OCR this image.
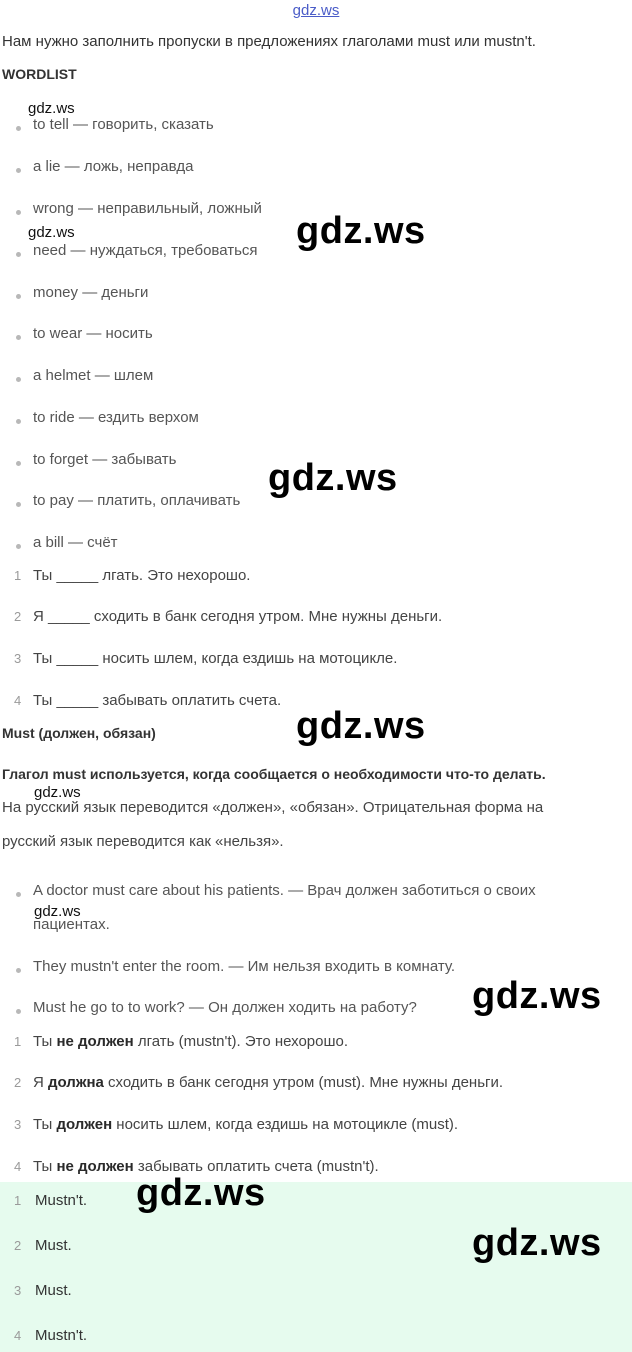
gdz.ws
Нам нужно заполнить пропуски в предложениях глаголами must или mustn't.
WORDLIST
gdz.ws
to tell — говорить, сказать
a lie — ложь, неправда
wrong — неправильный, ложный
gdz.ws
need — нуждаться, требоваться gdz.ws
money — деньги
to wear — носить
a helmet — шлем
to ride — ездить верхом
to forget — забывать gdz.ws
to pay — платить, оплачивать
a bill — счёт
1 Ты _____ лгать. Это нехорошо.
2 Я _____ сходить в банк сегодня утром. Мне нужны деньги.
3 Ты _____ носить шлем, когда ездишь на мотоцикле.
4 Ты _____ забывать оплатить счета.
Must (должен, обязан)	gdz.ws
Глагол must используется, когда сообщается о необходимости что-то делать.
gdz.ws
На русский язык переводится «должен», «обязан». Отрицательная форма на
русский язык переводится как «нельзя».
A doctor must care about his patients. — Врач должен заботиться о своих
gdz.ws
пациентах.
They mustn't enter the room. — Им нельзя входить в комнату.
Must he go to to work? — Он должен ходить на работу? gdz.ws
1 Ты не должен лгать (mustn't). Это нехорошо.
2 Я должна сходить в банк сегодня утром (must). Мне нужны деньги.
3 Ты должен носить шлем, когда ездишь на мотоцикле (must).
4 Ты не должен забывать оплатить счета (mustn't).
1 Mustn't. gdz.ws
2 Must.	gdz.ws
3 Must.
4 Mustn't.
